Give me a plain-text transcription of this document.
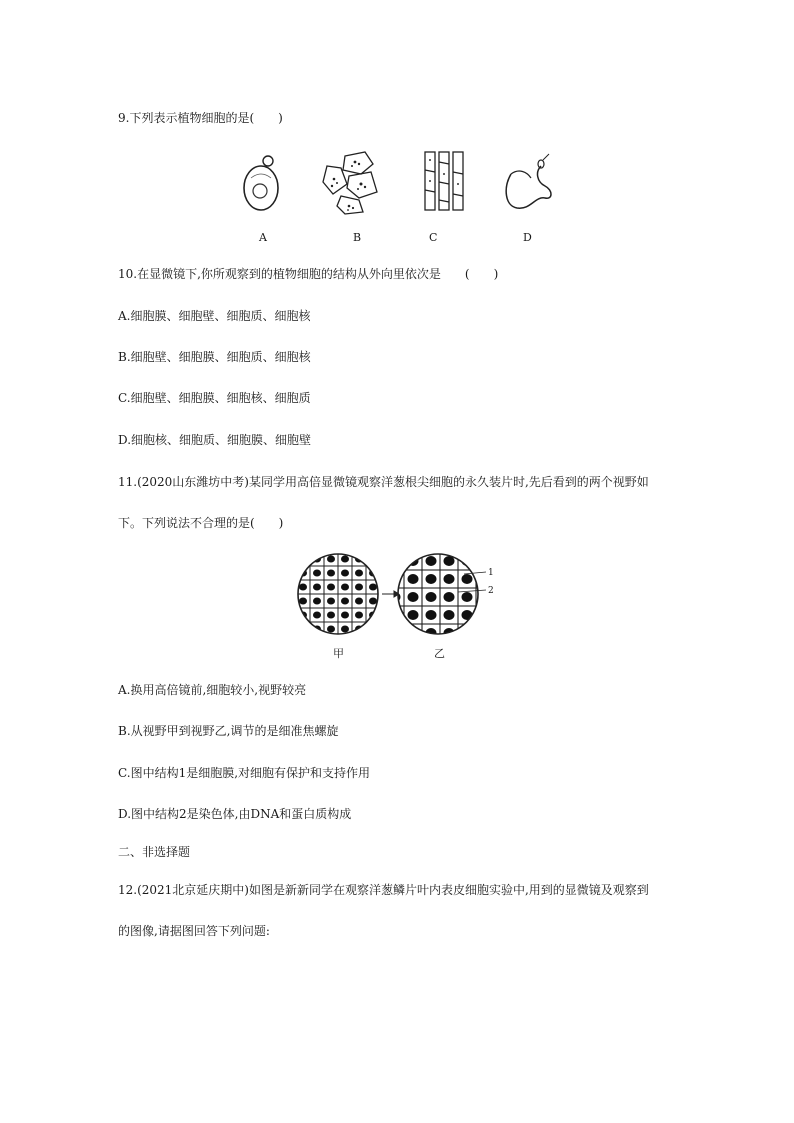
9.下列表示植物细胞的是(　　)
A	B	C	D
10.在显微镜下,你所观察到的植物细胞的结构从外向里依次是　　(　　)
A.细胞膜、细胞壁、细胞质、细胞核
B.细胞壁、细胞膜、细胞质、细胞核
C.细胞壁、细胞膜、细胞核、细胞质
D.细胞核、细胞质、细胞膜、细胞壁
11.(2020山东潍坊中考)某同学用高倍显微镜观察洋葱根尖细胞的永久装片时,先后看到的两个视野如
下。下列说法不合理的是(　　)
1
2
甲	乙
A.换用高倍镜前,细胞较小,视野较亮
B.从视野甲到视野乙,调节的是细准焦螺旋
C.图中结构1是细胞膜,对细胞有保护和支持作用
D.图中结构2是染色体,由DNA和蛋白质构成
二、非选择题
12.(2021北京延庆期中)如图是新新同学在观察洋葱鳞片叶内表皮细胞实验中,用到的显微镜及观察到
的图像,请据图回答下列问题:
